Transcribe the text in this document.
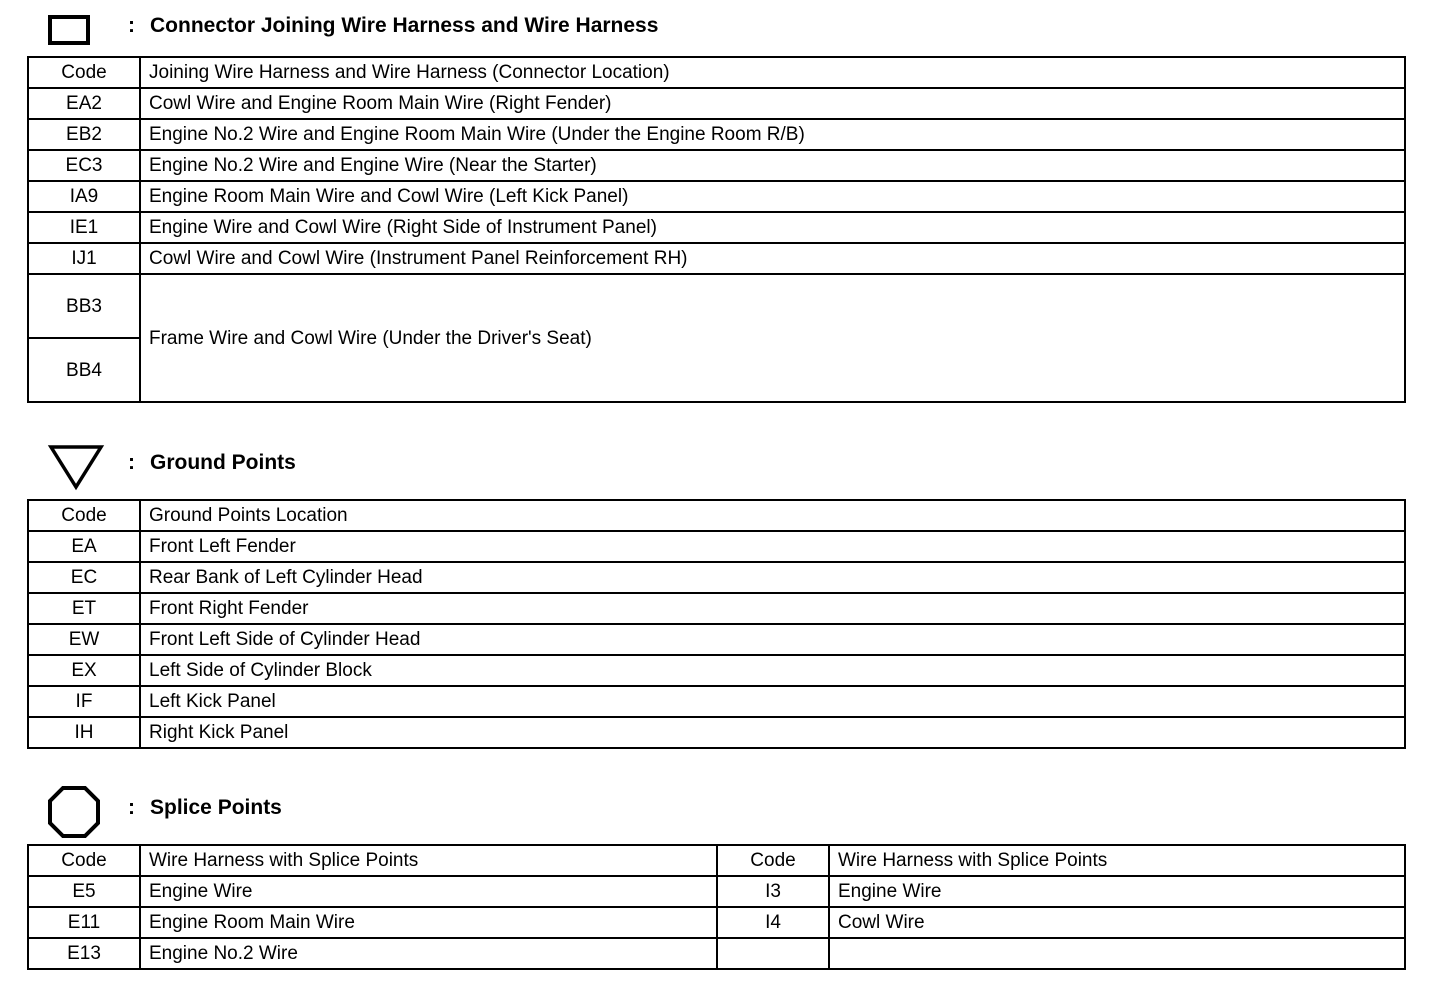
: Connector Joining Wire Harness and Wire Harness
Code	Joining Wire Harness and Wire Harness (Connector Location)
EA2	Cowl Wire and Engine Room Main Wire (Right Fender)
EB2	Engine No.2 Wire and Engine Room Main Wire (Under the Engine Room R/B)
EC3	Engine No.2 Wire and Engine Wire (Near the Starter)
IA9	Engine Room Main Wire and Cowl Wire (Left Kick Panel)
IE1	Engine Wire and Cowl Wire (Right Side of Instrument Panel)
IJ1	Cowl Wire and Cowl Wire (Instrument Panel Reinforcement RH)
BB3	Frame Wire and Cowl Wire (Under the Driver's Seat)
BB4	
: Ground Points
Code	Ground Points Location
EA	Front Left Fender
EC	Rear Bank of Left Cylinder Head
ET	Front Right Fender
EW	Front Left Side of Cylinder Head
EX	Left Side of Cylinder Block
IF	Left Kick Panel
IH	Right Kick Panel
: Splice Points
Code	Wire Harness with Splice Points	Code	Wire Harness with Splice Points
E5	Engine Wire	I3	Engine Wire
E11	Engine Room Main Wire	I4	Cowl Wire
E13	Engine No.2 Wire		
